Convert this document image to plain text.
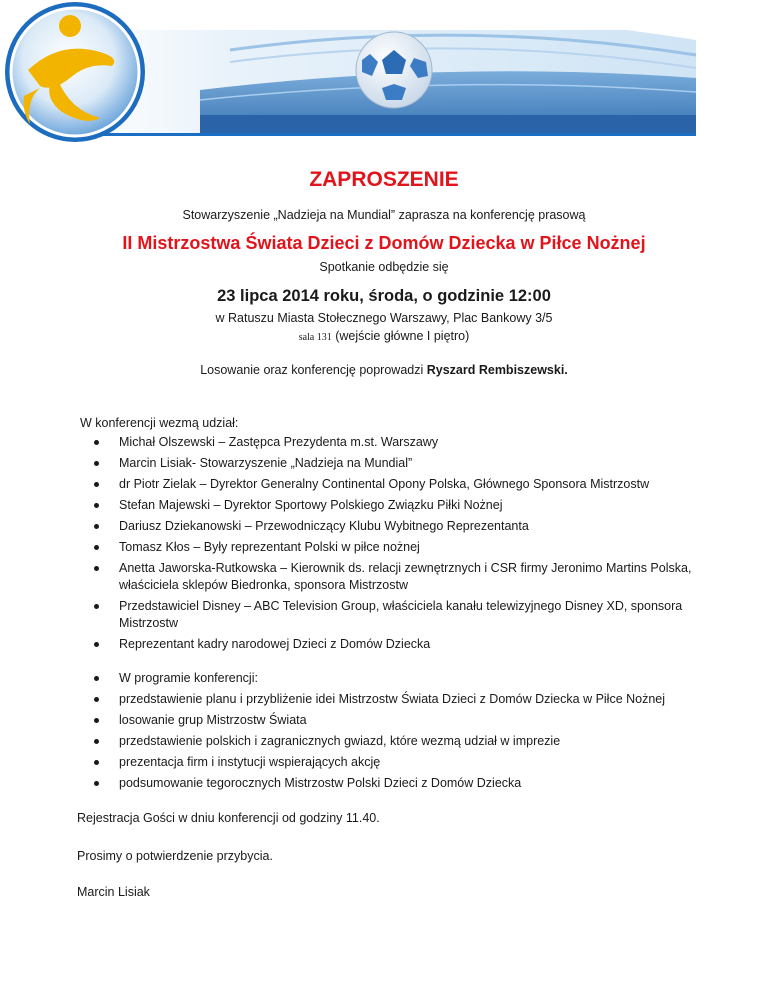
ZAPROSZENIE
Stowarzyszenie „Nadzieja na Mundial” zaprasza na konferencję prasową
II Mistrzostwa Świata Dzieci z Domów Dziecka w Piłce Nożnej
Spotkanie odbędzie się
23 lipca 2014 roku, środa, o godzinie 12:00
w Ratuszu Miasta Stołecznego Warszawy, Plac Bankowy 3/5
sala 131 (wejście główne I piętro)
Losowanie oraz konferencję poprowadzi Ryszard Rembiszewski.
W konferencji wezmą udział:
Michał Olszewski – Zastępca Prezydenta m.st. Warszawy
Marcin Lisiak- Stowarzyszenie „Nadzieja na Mundial”
dr Piotr Zielak – Dyrektor Generalny Continental Opony Polska, Głównego Sponsora Mistrzostw
Stefan Majewski – Dyrektor Sportowy Polskiego Związku Piłki Nożnej
Dariusz Dziekanowski – Przewodniczący Klubu Wybitnego Reprezentanta
Tomasz Kłos – Były reprezentant Polski w piłce nożnej
Anetta Jaworska-Rutkowska – Kierownik ds. relacji zewnętrznych i CSR firmy Jeronimo Martins Polska, właściciela sklepów Biedronka, sponsora Mistrzostw
Przedstawiciel Disney – ABC Television Group, właściciela kanału telewizyjnego Disney XD, sponsora Mistrzostw
Reprezentant kadry narodowej Dzieci z Domów Dziecka
W programie konferencji:
przedstawienie planu i przybliżenie idei Mistrzostw Świata Dzieci z Domów Dziecka w Piłce Nożnej
losowanie grup Mistrzostw Świata
przedstawienie polskich i zagranicznych gwiazd, które wezmą udział w imprezie
prezentacja firm i instytucji wspierających akcję
podsumowanie tegorocznych Mistrzostw Polski Dzieci z Domów Dziecka
Rejestracja Gości w dniu konferencji od godziny 11.40.
Prosimy o potwierdzenie przybycia.
Marcin Lisiak
